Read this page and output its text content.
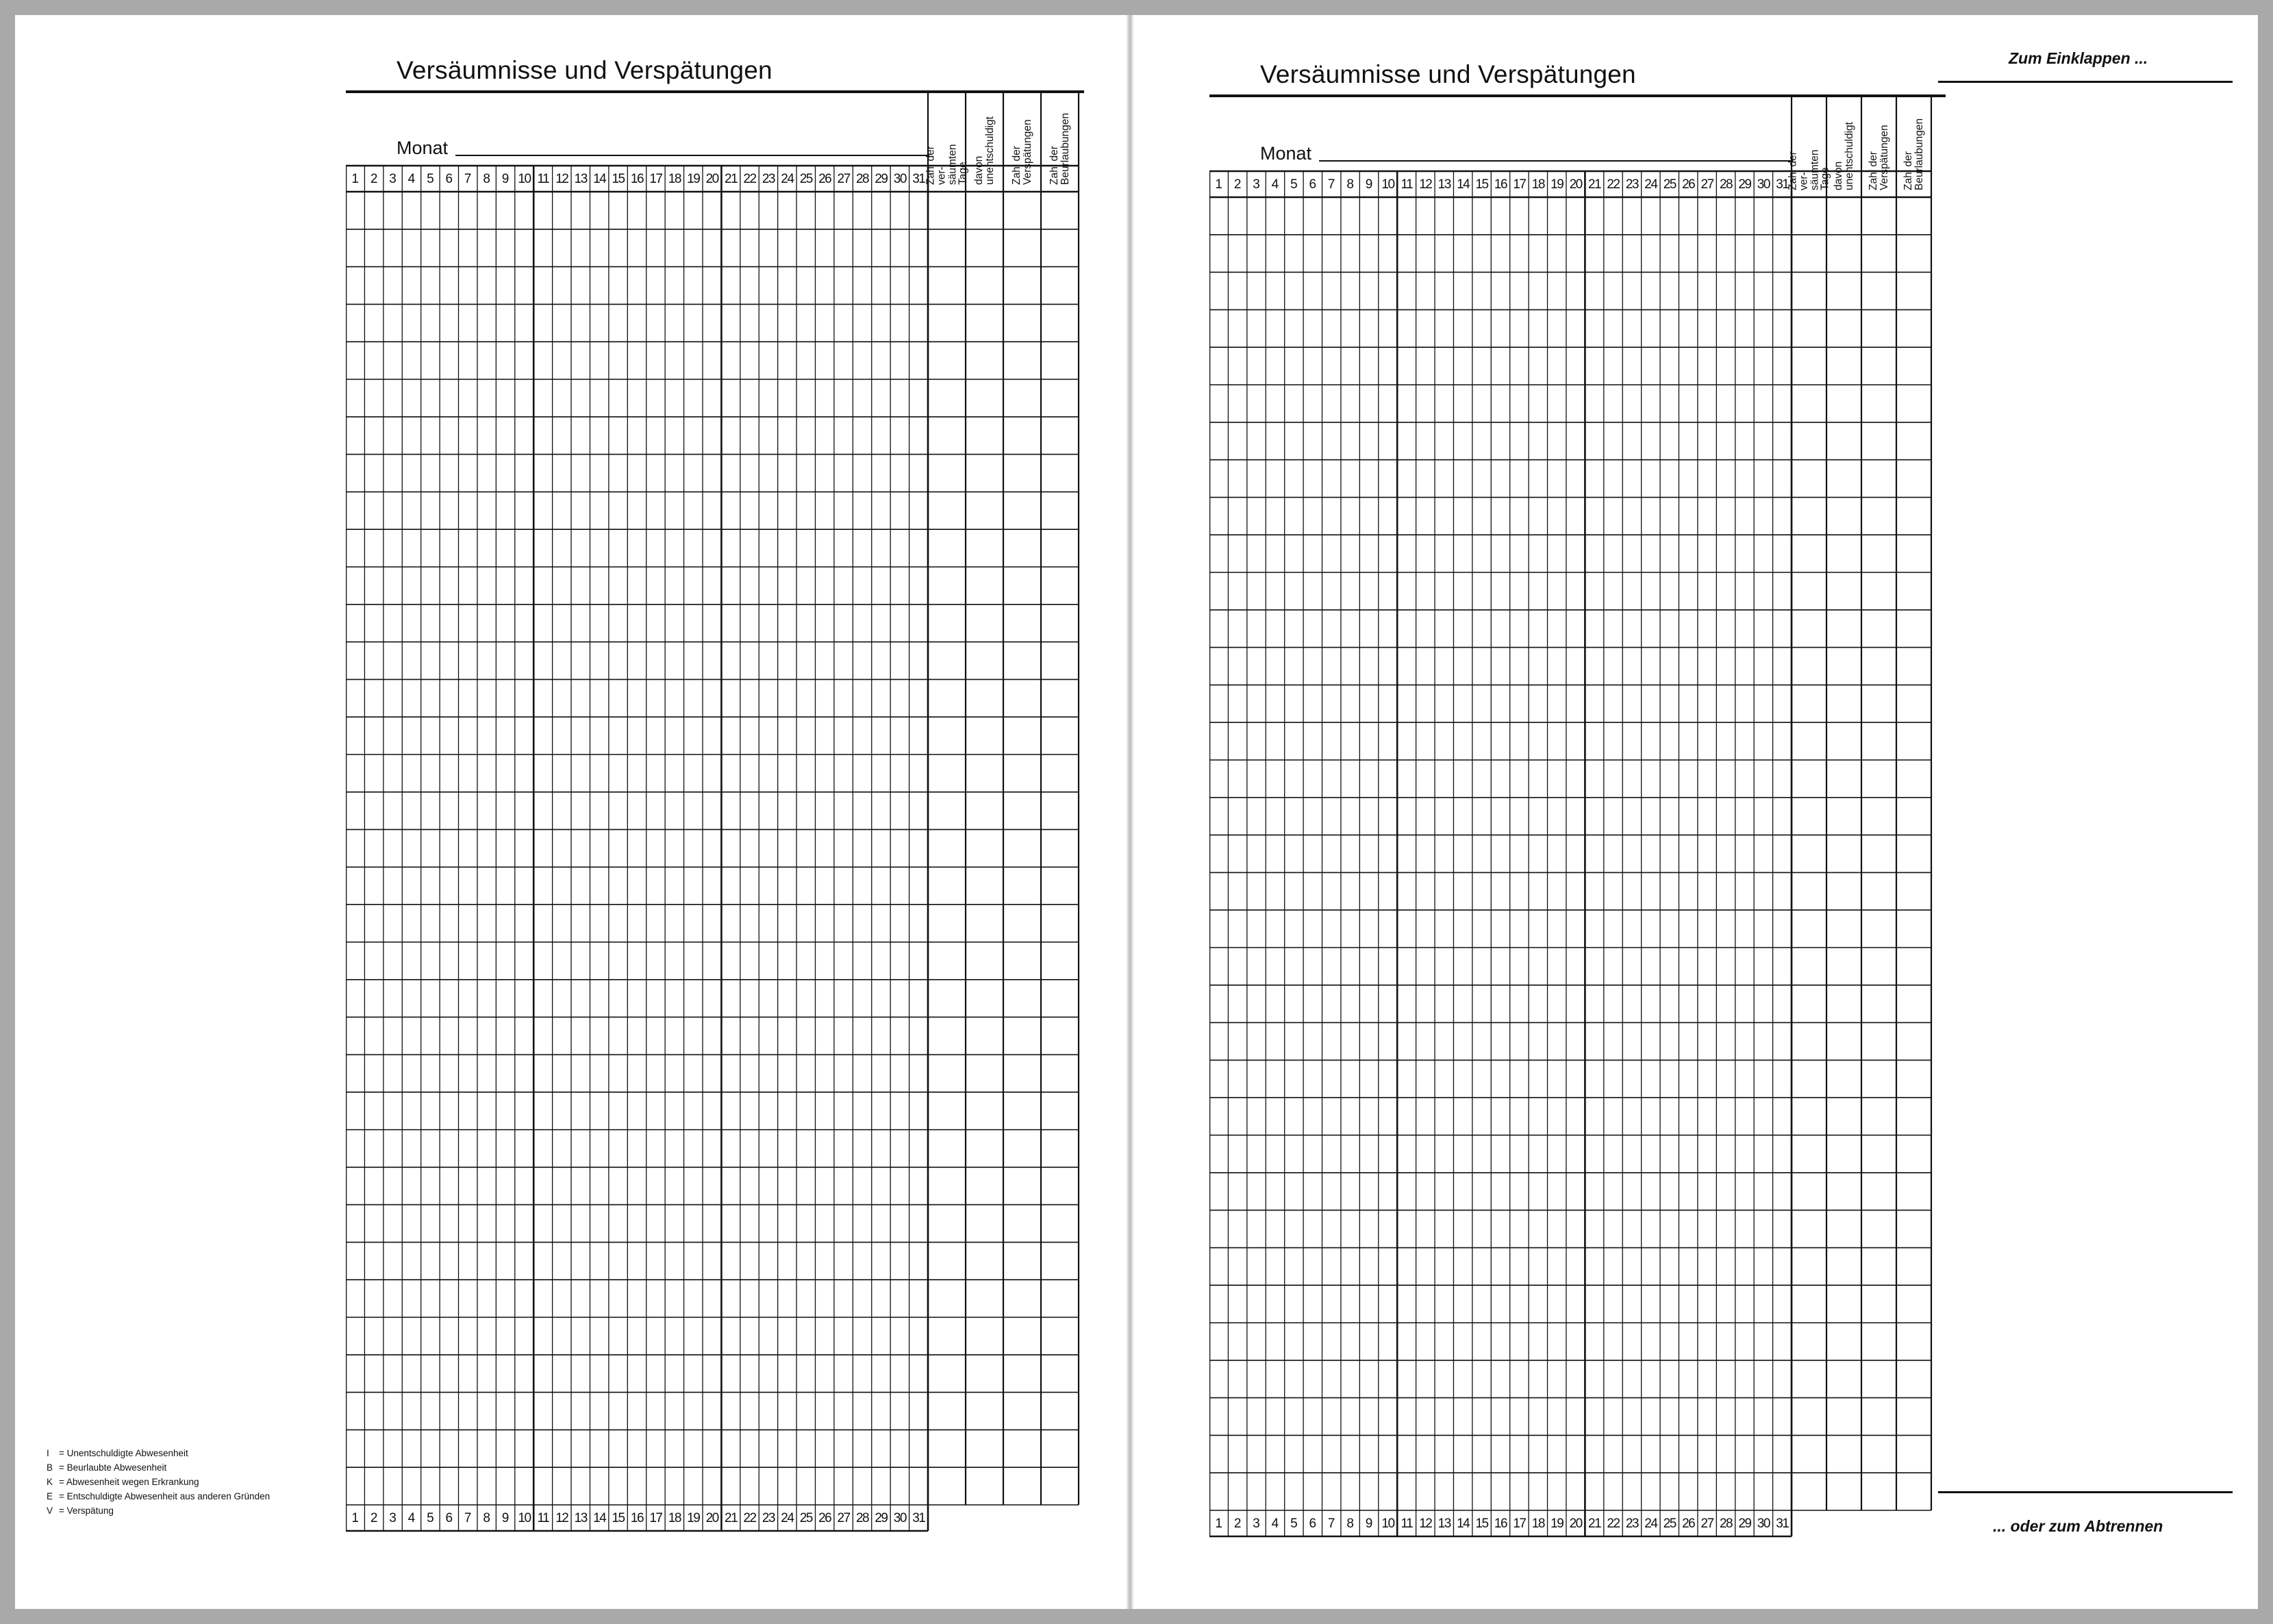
Versäumnisse und Verspätungen
Monat
1 2 3 4 5 6 7 8 9 10 11 12 13 14 15 16 17 18 19 20 21 22 23 24 25 26 27 28 29 30 31
1 2 3 4 5 6 7 8 9 10 11 12 13 14 15 16 17 18 19 20 21 22 23 24 25 26 27 28 29 30 31
Zahl der ver-
säumten Tage davon
unentschuldigt Zahl der
Verspätungen Zahl der
Beurlaubungen
I = Unentschuldigte Abwesenheit
B = Beurlaubte Abwesenheit
K = Abwesenheit wegen Erkrankung
E = Entschuldigte Abwesenheit aus anderen Gründen
V = Verspätung
Versäumnisse und Verspätungen
Monat
1 2 3 4 5 6 7 8 9 10 11 12 13 14 15 16 17 18 19 20 21 22 23 24 25 26 27 28 29 30 31
1 2 3 4 5 6 7 8 9 10 11 12 13 14 15 16 17 18 19 20 21 22 23 24 25 26 27 28 29 30 31
Zahl der ver-
säumten Tage davon
unentschuldigt Zahl der
Verspätungen Zahl der
Beurlaubungen
Zum Einklappen ...
... oder zum Abtrennen
